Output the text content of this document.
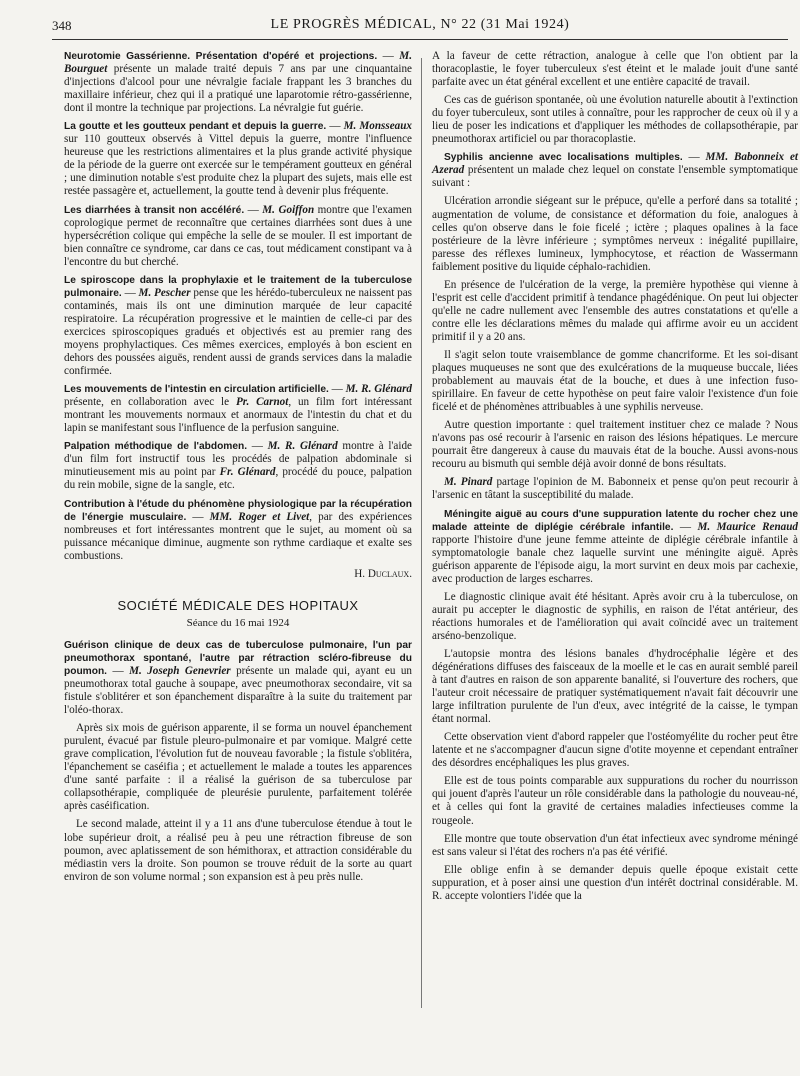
348	LE PROGRÈS MÉDICAL, N° 22 (31 Mai 1924)

Neurotomie Gassérienne. Présentation d'opéré et projections. — M. Bourguet présente un malade traité depuis 7 ans par une cinquantaine d'injections d'alcool pour une névralgie faciale frappant les 3 branches du maxillaire inférieur, chez qui il a pratiqué une laparotomie rétro-gassérienne, dont il montre la technique par projections. La névralgie fut guérie.

La goutte et les goutteux pendant et depuis la guerre. — M. Monsseaux sur 110 goutteux observés à Vittel depuis la guerre, montre l'influence heureuse que les restrictions alimentaires et la plus grande activité physique de la période de la guerre ont exercée sur le tempérament goutteux en général ; une diminution notable s'est produite chez la plupart des sujets, mais elle est restée passagère et, actuellement, la goutte tend à devenir plus fréquente.

Les diarrhées à transit non accéléré. — M. Goiffon montre que l'examen coprologique permet de reconnaître que certaines diarrhées sont dues à une hypersécrétion colique qui empêche la selle de se mouler. Il est important de bien connaître ce syndrome, car dans ce cas, tout médicament constipant va à l'encontre du but cherché.

Le spiroscope dans la prophylaxie et le traitement de la tuberculose pulmonaire. — M. Pescher pense que les hérédo-tuberculeux ne naissent pas contaminés, mais ils ont une diminution marquée de leur capacité respiratoire. La récupération progressive et le maintien de celle-ci par des exercices spiroscopiques gradués et objectivés est au premier rang des moyens prophylactiques. Ces mêmes exercices, employés à bon escient en dehors des poussées aiguës, rendent aussi de grands services dans la maladie confirmée.

Les mouvements de l'intestin en circulation artificielle. — M. R. Glénard présente, en collaboration avec le Pr. Carnot, un film fort intéressant montrant les mouvements normaux et anormaux de l'intestin du chat et du lapin se manifestant sous l'influence de la perfusion sanguine.

Palpation méthodique de l'abdomen. — M. R. Glénard montre à l'aide d'un film fort instructif tous les procédés de palpation abdominale si minutieusement mis au point par Fr. Glénard, procédé du pouce, palpation du rein mobile, signe de la sangle, etc.

Contribution à l'étude du phénomène physiologique par la récupération de l'énergie musculaire. — MM. Roger et Livet, par des expériences nombreuses et fort intéressantes montrent que le sujet, au moment où sa puissance mécanique diminue, augmente son rythme cardiaque et exalte ses combustions.

H. Duclaux.

SOCIÉTÉ MÉDICALE DES HOPITAUX

Séance du 16 mai 1924

Guérison clinique de deux cas de tuberculose pulmonaire, l'un par pneumothorax spontané, l'autre par rétraction scléro-fibreuse du poumon. — M. Joseph Genevrier présente un malade qui, ayant eu un pneumothorax total gauche à soupape, avec pneumothorax secondaire, vit sa fistule s'oblitérer et son épanchement disparaître à la suite du traitement par l'oléo-thorax.

Après six mois de guérison apparente, il se forma un nouvel épanchement purulent, évacué par fistule pleuro-pulmonaire et par vomique. Malgré cette grave complication, l'évolution fut de nouveau favorable ; la fistule s'oblitéra, l'épanchement se caséifia ; et actuellement le malade a toutes les apparences d'une santé parfaite : il a réalisé la guérison de sa tuberculose par collapsothérapie, compliquée de pleurésie purulente, parfaitement tolérée après caséification.

Le second malade, atteint il y a 11 ans d'une tuberculose étendue à tout le lobe supérieur droit, a réalisé peu à peu une rétraction fibreuse de son poumon, avec aplatissement de son hémithorax, et attraction considérable du médiastin vers la droite. Son poumon se trouve réduit de la sorte au quart environ de son volume normal ; son expansion est à peu près nulle.

A la faveur de cette rétraction, analogue à celle que l'on obtient par la thoracoplastie, le foyer tuberculeux s'est éteint et le malade jouit d'une santé parfaite avec un état général excellent et une entière capacité de travail.

Ces cas de guérison spontanée, où une évolution naturelle aboutit à l'extinction du foyer tuberculeux, sont utiles à connaître, pour les rapprocher de ceux où il y a lieu de poser les indications et d'appliquer les méthodes de collapsothérapie, par pneumothorax artificiel ou par thoracoplastie.

Syphilis ancienne avec localisations multiples. — MM. Babonneix et Azerad présentent un malade chez lequel on constate l'ensemble symptomatique suivant :

Ulcération arrondie siégeant sur le prépuce, qu'elle a perforé dans sa totalité ; augmentation de volume, de consistance et déformation du foie, analogues à celles qu'on observe dans le foie ficelé ; ictère ; plaques opalines à la face postérieure de la lèvre inférieure ; symptômes nerveux : inégalité pupillaire, paresse des réflexes lumineux, lymphocytose, et réaction de Wassermann faiblement positive du liquide céphalo-rachidien.

En présence de l'ulcération de la verge, la première hypothèse qui vienne à l'esprit est celle d'accident primitif à tendance phagédénique. On peut lui objecter qu'elle ne cadre nullement avec l'ensemble des autres constatations et qu'elle a contre elle les déclarations mêmes du malade qui affirme avoir eu un accident primitif il y a 20 ans.

Il s'agit selon toute vraisemblance de gomme chancriforme. Et les soi-disant plaques muqueuses ne sont que des exulcérations de la muqueuse buccale, liées probablement au mauvais état de la bouche, et dues à une infection fuso-spirillaire. En faveur de cette hypothèse on peut faire valoir l'existence d'un foie ficelé et de phénomènes attribuables à une syphilis nerveuse.

Autre question importante : quel traitement instituer chez ce malade ? Nous n'avons pas osé recourir à l'arsenic en raison des lésions hépatiques. Le mercure pourrait être dangereux à cause du mauvais état de la bouche. Aussi avons-nous recouru au bismuth qui semble déjà avoir donné de bons résultats.

M. Pinard partage l'opinion de M. Babonneix et pense qu'on peut recourir à l'arsenic en tâtant la susceptibilité du malade.

Méningite aiguë au cours d'une suppuration latente du rocher chez une malade atteinte de diplégie cérébrale infantile. — M. Maurice Renaud rapporte l'histoire d'une jeune femme atteinte de diplégie cérébrale infantile à symptomatologie banale chez laquelle survint une méningite aiguë. Après guérison apparente de l'épisode aigu, la mort survint en deux mois par cachexie, avec production de larges escharres.

Le diagnostic clinique avait été hésitant. Après avoir cru à la tuberculose, on aurait pu accepter le diagnostic de syphilis, en raison de l'état antérieur, des réactions humorales et de l'amélioration qui avait coïncidé avec un traitement arséno-benzolique.

L'autopsie montra des lésions banales d'hydrocéphalie légère et des dégénérations diffuses des faisceaux de la moelle et le cas en aurait semblé pareil à tant d'autres en raison de son apparente banalité, si l'ouverture des rochers, que l'auteur croit nécessaire de pratiquer systématiquement n'avait fait découvrir une large infiltration purulente de l'un d'eux, avec intégrité de la caisse, le tympan étant normal.

Cette observation vient d'abord rappeler que l'ostéomyélite du rocher peut être latente et ne s'accompagner d'aucun signe d'otite moyenne et cependant entraîner des désordres encéphaliques les plus graves.

Elle est de tous points comparable aux suppurations du rocher du nourrisson qui jouent d'après l'auteur un rôle considérable dans la pathologie du nouveau-né, et à celles qui font la gravité de certaines maladies infectieuses comme la rougeole.

Elle montre que toute observation d'un état infectieux avec syndrome méningé est sans valeur si l'état des rochers n'a pas été vérifié.

Elle oblige enfin à se demander depuis quelle époque existait cette suppuration, et à poser ainsi une question d'un intérêt doctrinal considérable. M. R. accepte volontiers l'idée que la
